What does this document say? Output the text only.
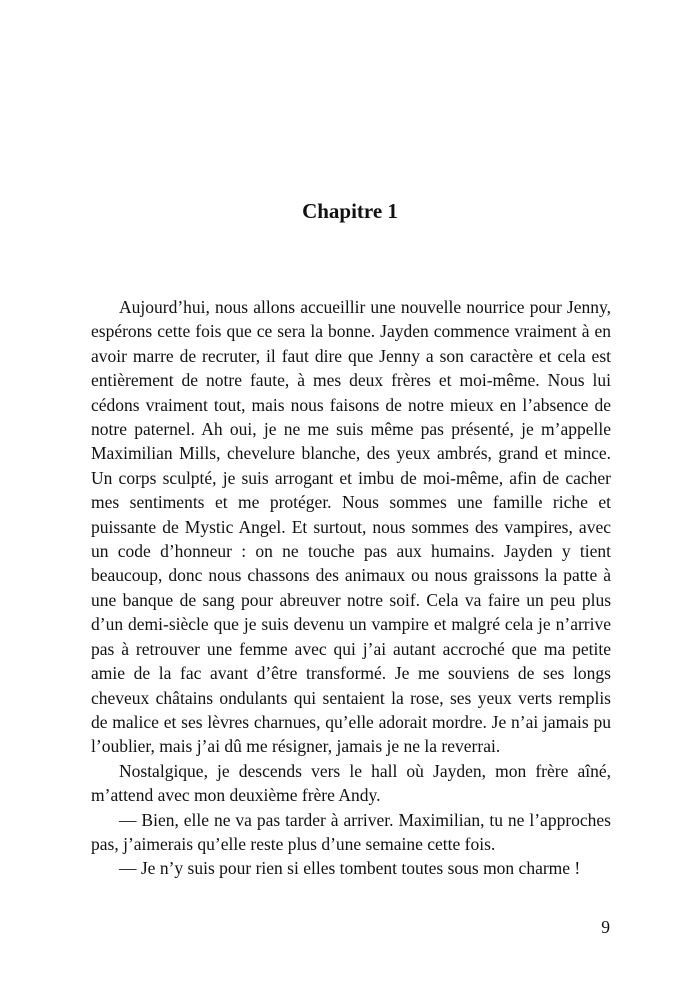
Chapitre 1

Aujourd’hui, nous allons accueillir une nouvelle nourrice pour Jenny, espérons cette fois que ce sera la bonne. Jayden commence vraiment à en avoir marre de recruter, il faut dire que Jenny a son caractère et cela est entièrement de notre faute, à mes deux frères et moi-même. Nous lui cédons vraiment tout, mais nous faisons de notre mieux en l’absence de notre paternel. Ah oui, je ne me suis même pas présenté, je m’appelle Maximilian Mills, chevelure blanche, des yeux ambrés, grand et mince. Un corps sculpté, je suis arrogant et imbu de moi-même, afin de cacher mes sentiments et me protéger. Nous sommes une famille riche et puissante de Mystic Angel. Et surtout, nous sommes des vampires, avec un code d’honneur : on ne touche pas aux humains. Jayden y tient beaucoup, donc nous chassons des animaux ou nous graissons la patte à une banque de sang pour abreuver notre soif. Cela va faire un peu plus d’un demi-siècle que je suis devenu un vampire et malgré cela je n’arrive pas à retrouver une femme avec qui j’ai autant accroché que ma petite amie de la fac avant d’être transformé. Je me souviens de ses longs cheveux châtains ondulants qui sentaient la rose, ses yeux verts remplis de malice et ses lèvres charnues, qu’elle adorait mordre. Je n’ai jamais pu l’oublier, mais j’ai dû me résigner, jamais je ne la reverrai.

Nostalgique, je descends vers le hall où Jayden, mon frère aîné, m’attend avec mon deuxième frère Andy.

— Bien, elle ne va pas tarder à arriver. Maximilian, tu ne l’approches pas, j’aimerais qu’elle reste plus d’une semaine cette fois.

— Je n’y suis pour rien si elles tombent toutes sous mon charme !

9
